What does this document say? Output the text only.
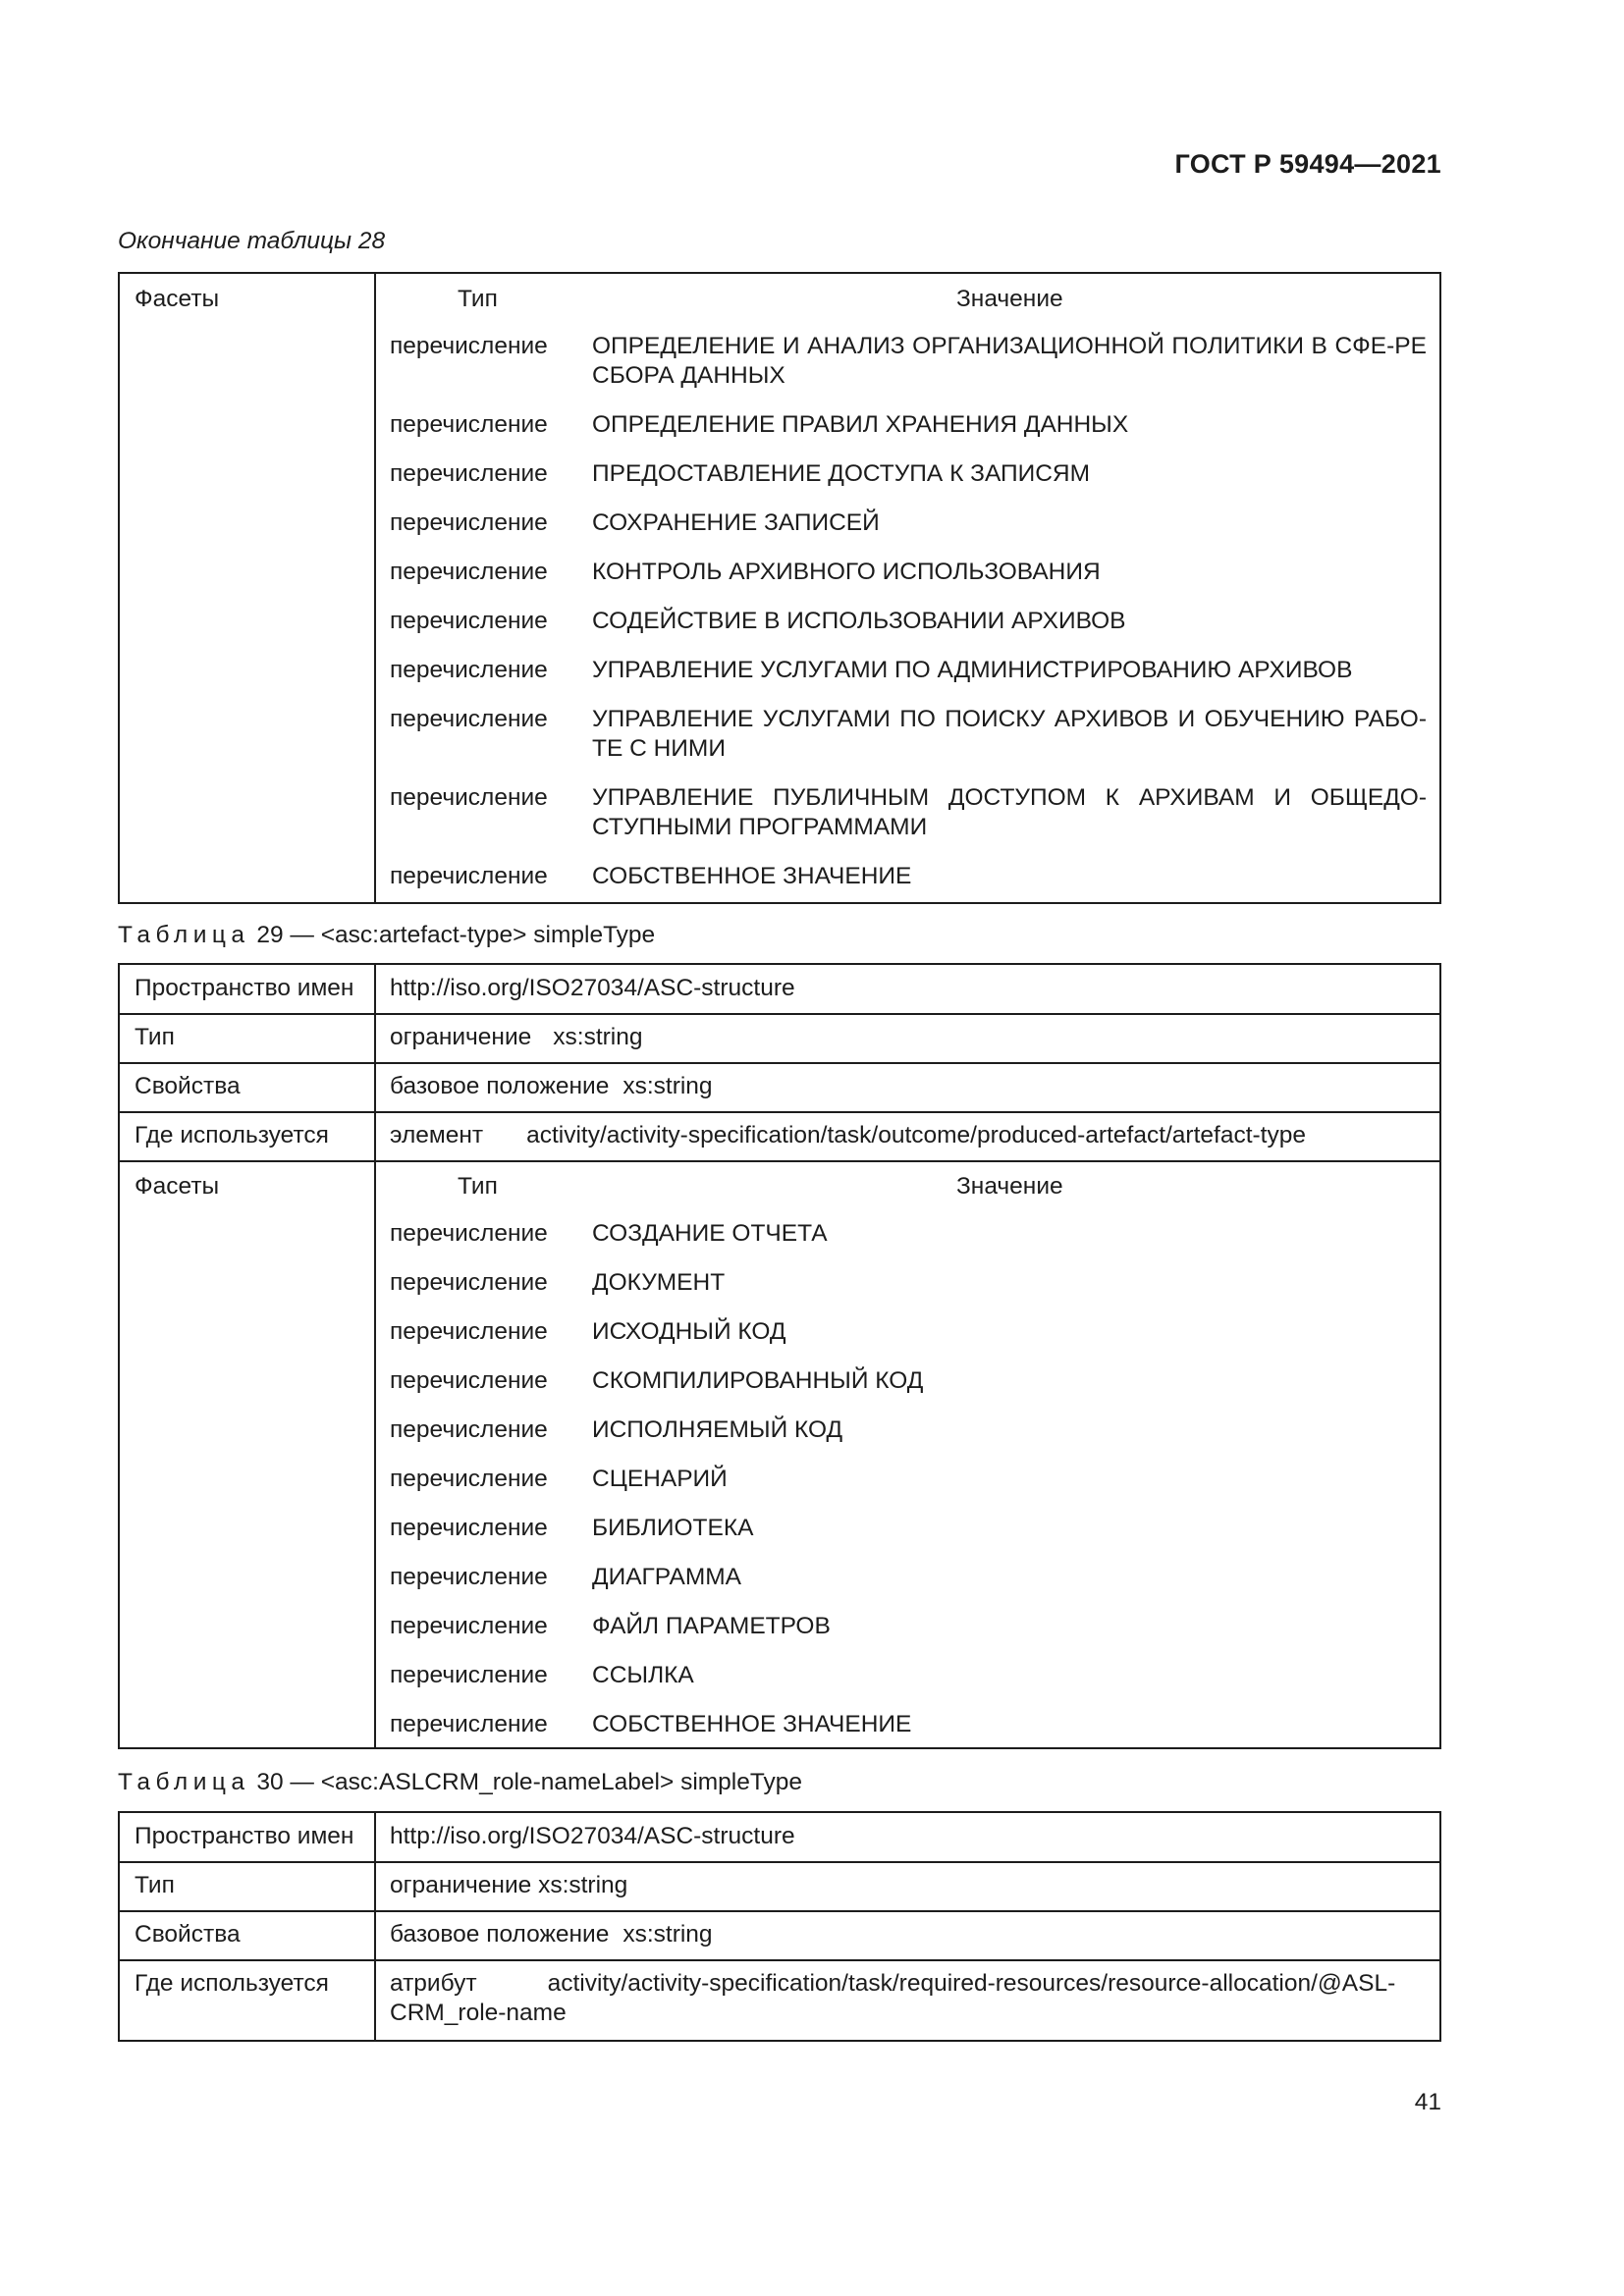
ГОСТ Р 59494—2021
Окончание таблицы 28
Фасеты	Тип	Значение
перечисление ОПРЕДЕЛЕНИЕ И АНАЛИЗ ОРГАНИЗАЦИОННОЙ ПОЛИТИКИ В СФЕ-РЕ СБОРА ДАННЫХ
перечисление ОПРЕДЕЛЕНИЕ ПРАВИЛ ХРАНЕНИЯ ДАННЫХ
перечисление ПРЕДОСТАВЛЕНИЕ ДОСТУПА К ЗАПИСЯМ
перечисление СОХРАНЕНИЕ ЗАПИСЕЙ
перечисление КОНТРОЛЬ АРХИВНОГО ИСПОЛЬЗОВАНИЯ
перечисление СОДЕЙСТВИЕ В ИСПОЛЬЗОВАНИИ АРХИВОВ
перечисление УПРАВЛЕНИЕ УСЛУГАМИ ПО АДМИНИСТРИРОВАНИЮ АРХИВОВ
перечисление УПРАВЛЕНИЕ УСЛУГАМИ ПО ПОИСКУ АРХИВОВ И ОБУЧЕНИЮ РАБО-ТЕ С НИМИ
перечисление УПРАВЛЕНИЕ ПУБЛИЧНЫМ ДОСТУПОМ К АРХИВАМ И ОБЩЕДО-СТУПНЫМИ ПРОГРАММАМИ
перечисление СОБСТВЕННОЕ ЗНАЧЕНИЕ
Таблица 29 — <asc:artefact-type> simpleType
Пространство имен http://iso.org/ISO27034/ASC-structure
Тип	ограничение xs:string
Свойства	базовое положение xs:string
Где используется	элемент activity/activity-specification/task/outcome/produced-artefact/artefact-type
Фасеты	Тип	Значение
перечисление СОЗДАНИЕ ОТЧЕТА
перечисление ДОКУМЕНТ
перечисление ИСХОДНЫЙ КОД
перечисление СКОМПИЛИРОВАННЫЙ КОД
перечисление ИСПОЛНЯЕМЫЙ КОД
перечисление СЦЕНАРИЙ
перечисление БИБЛИОТЕКА
перечисление ДИАГРАММА
перечисление ФАЙЛ ПАРАМЕТРОВ
перечисление ССЫЛКА
перечисление СОБСТВЕННОЕ ЗНАЧЕНИЕ
Таблица 30 — <asc:ASLCRM_role-nameLabel> simpleType
Пространство имен http://iso.org/ISO27034/ASC-structure
Тип	ограничение xs:string
Свойства	базовое положение xs:string
Где используется	атрибут	activity/activity-specification/task/required-resources/resource-allocation/@ASL-
CRM_role-name
41
